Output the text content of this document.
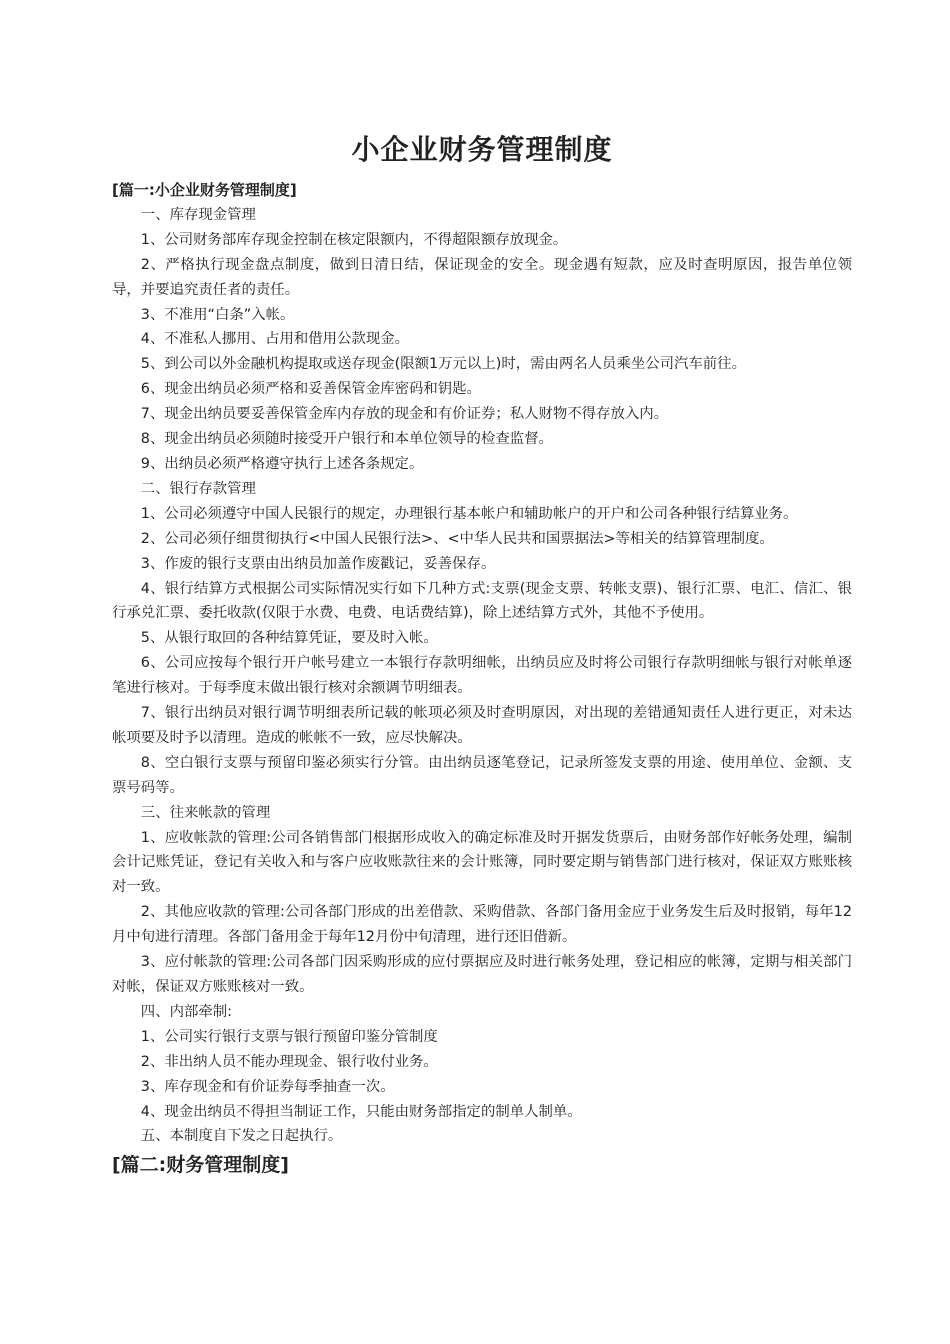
小企业财务管理制度
[篇一:小企业财务管理制度]

一、库存现金管理

1、公司财务部库存现金控制在核定限额内，不得超限额存放现金。

2、严格执行现金盘点制度，做到日清日结，保证现金的安全。现金遇有短款，应及时查明原因，报告单位领导，并要追究责任者的责任。

3、不准用“白条”入帐。

4、不准私人挪用、占用和借用公款现金。

5、到公司以外金融机构提取或送存现金(限额1万元以上)时，需由两名人员乘坐公司汽车前往。

6、现金出纳员必须严格和妥善保管金库密码和钥匙。

7、现金出纳员要妥善保管金库内存放的现金和有价证券；私人财物不得存放入内。

8、现金出纳员必须随时接受开户银行和本单位领导的检查监督。

9、出纳员必须严格遵守执行上述各条规定。

二、银行存款管理

1、公司必须遵守中国人民银行的规定，办理银行基本帐户和辅助帐户的开户和公司各种银行结算业务。

2、公司必须仔细贯彻执行<中国人民银行法>、<中华人民共和国票据法>等相关的结算管理制度。

3、作废的银行支票由出纳员加盖作废戳记，妥善保存。

4、银行结算方式根据公司实际情况实行如下几种方式:支票(现金支票、转帐支票)、银行汇票、电汇、信汇、银行承兑汇票、委托收款(仅限于水费、电费、电话费结算)，除上述结算方式外，其他不予使用。

5、从银行取回的各种结算凭证，要及时入帐。

6、公司应按每个银行开户帐号建立一本银行存款明细帐，出纳员应及时将公司银行存款明细帐与银行对帐单逐笔进行核对。于每季度末做出银行核对余额调节明细表。

7、银行出纳员对银行调节明细表所记载的帐项必须及时查明原因，对出现的差错通知责任人进行更正，对未达帐项要及时予以清理。造成的帐帐不一致，应尽快解决。

8、空白银行支票与预留印鉴必须实行分管。由出纳员逐笔登记，记录所签发支票的用途、使用单位、金额、支票号码等。

三、往来帐款的管理

1、应收帐款的管理:公司各销售部门根据形成收入的确定标准及时开据发货票后，由财务部作好帐务处理，编制会计记账凭证，登记有关收入和与客户应收账款往来的会计账簿，同时要定期与销售部门进行核对，保证双方账账核对一致。

2、其他应收款的管理:公司各部门形成的出差借款、采购借款、各部门备用金应于业务发生后及时报销，每年12月中旬进行清理。各部门备用金于每年12月份中旬清理，进行还旧借新。

3、应付帐款的管理:公司各部门因采购形成的应付票据应及时进行帐务处理，登记相应的帐簿，定期与相关部门对帐，保证双方账账核对一致。

四、内部牵制:

1、公司实行银行支票与银行预留印鉴分管制度

2、非出纳人员不能办理现金、银行收付业务。

3、库存现金和有价证券每季抽查一次。

4、现金出纳员不得担当制证工作，只能由财务部指定的制单人制单。

五、本制度自下发之日起执行。

[篇二:财务管理制度]
